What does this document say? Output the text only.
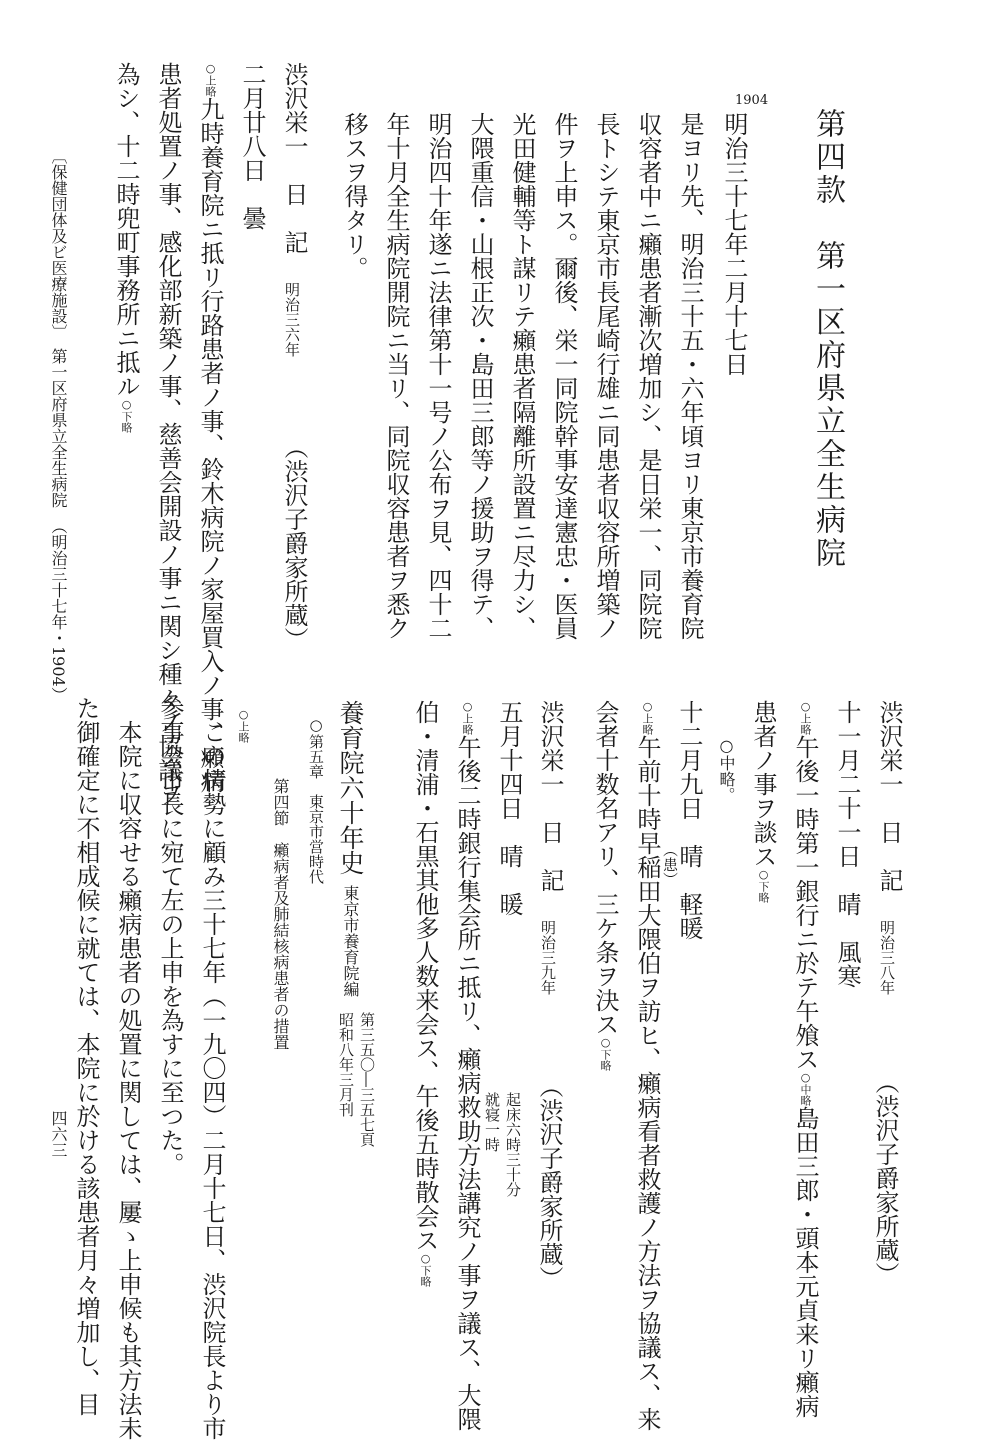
第四款　第一区府県立全生病院
1904
明治三十七年二月十七日
是ヨリ先、明治三十五・六年頃ヨリ東京市養育院
収容者中ニ癩患者漸次増加シ、是日栄一、同院院
長トシテ東京市長尾崎行雄ニ同患者収容所増築ノ
件ヲ上申ス。爾後、栄一同院幹事安達憲忠・医員
光田健輔等ト謀リテ癩患者隔離所設置ニ尽力シ、
大隈重信・山根正次・島田三郎等ノ援助ヲ得テ、
明治四十年遂ニ法律第十一号ノ公布ヲ見、四十二
年十月全生病院開院ニ当リ、同院収容患者ヲ悉ク
移スヲ得タリ。
渋沢栄一　日　記
明治三六年
（渋沢子爵家所蔵）
二月廿八日　曇
○上略九時養育院ニ抵リ行路患者ノ事、鈴木病院ノ家屋買入ノ事、癩病
患者処置ノ事、感化部新築ノ事、慈善会開設ノ事ニ関シ種々ノ協議ヲ
為シ、十二時兜町事務所ニ抵ル○下略
〔保健団体及ビ医療施設〕
第一区府県立全生病院
（明治三十七年・1904）
渋沢栄一　日　記
明治三八年
（渋沢子爵家所蔵）
十一月二十一日　晴　風寒
○上略午後一時第一銀行ニ於テ午飧ス○中略島田三郎・頭本元貞来リ癩病
患者ノ事ヲ談ス○下略
○中略。
十二月九日　晴　軽暖
○上略午前十時早稲田大隈伯ヲ訪ヒ、癩病看者救護ノ方法ヲ協議ス、来 （患）
会者十数名アリ、三ケ条ヲ決ス○下略
渋沢栄一　日　記
明治三九年
（渋沢子爵家所蔵）
五月十四日　晴　暖
起床六時三十分
就寝一時
○上略午後二時銀行集会所ニ抵リ、癩病救助方法講究ノ事ヲ議ス、大隈
伯・清浦・石黒其他多人数来会ス、午後五時散会ス○下略
養育院六十年史東京市養育院編
第三五〇―三五七頁
昭和八年三月刊
○第五章　東京市営時代
第四節　癩病者及肺結核病患者の措置
○上略
この情勢に顧み三十七年（一九〇四）二月十七日、渋沢院長より市
参事会市長に宛て左の上申を為すに至つた。
本院に収容せる癩病患者の処置に関しては、屢ゝ上申候も其方法未
た御確定に不相成候に就ては、本院に於ける該患者月々増加し、目
四六三
